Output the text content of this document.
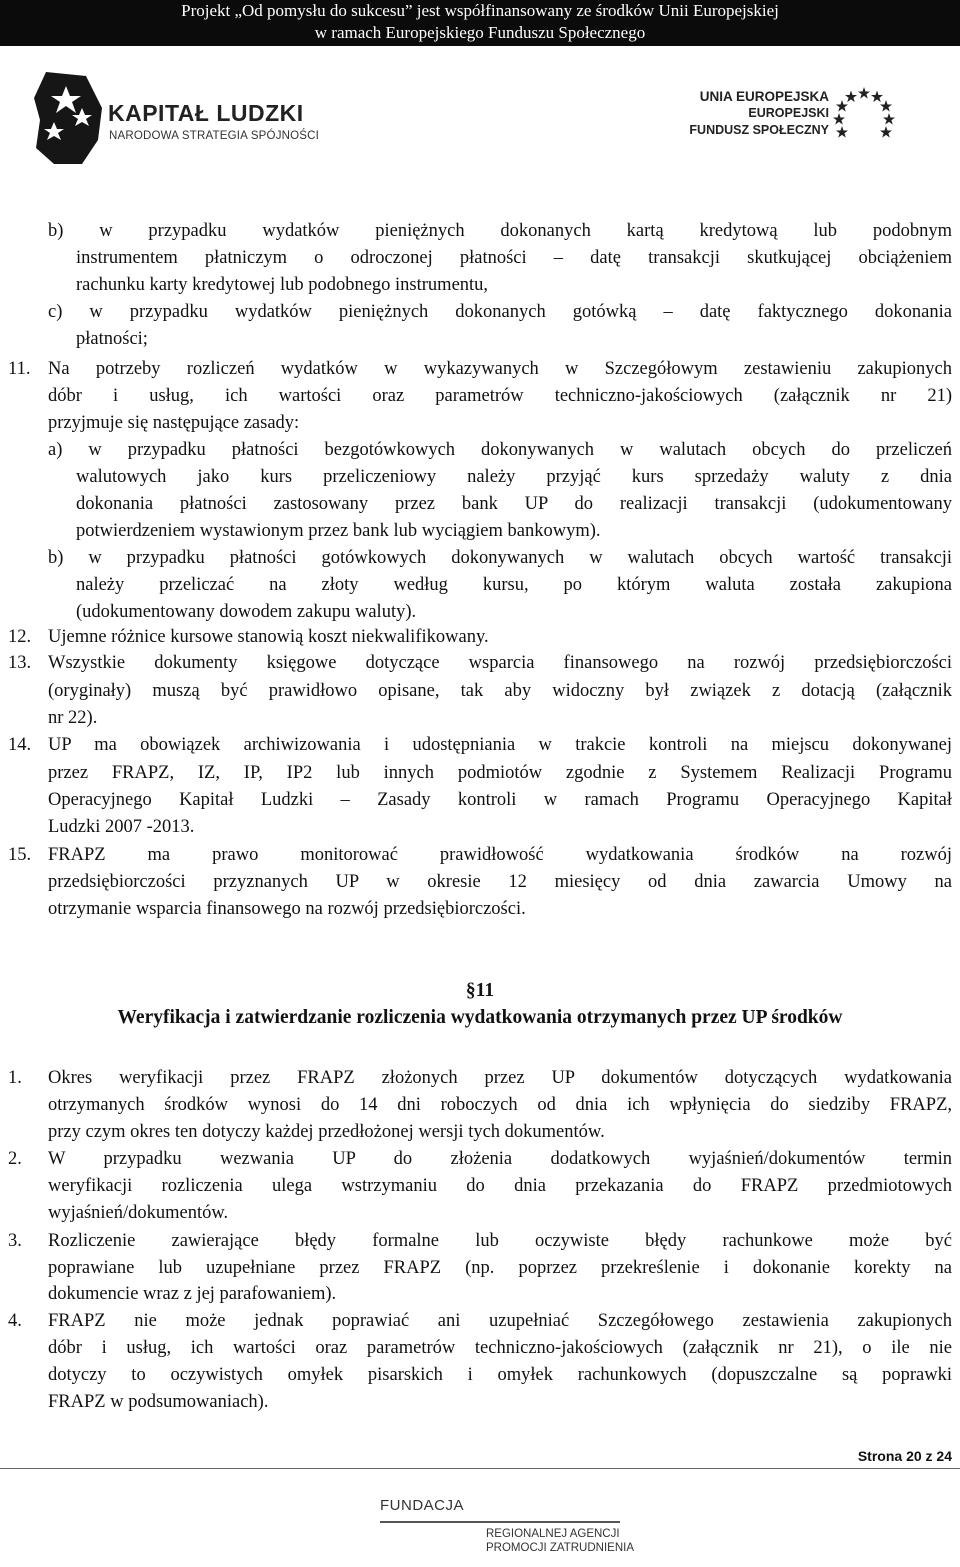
Projekt „Od pomysłu do sukcesu” jest współfinansowany ze środków Unii Europejskiej
w ramach Europejskiego Funduszu Społecznego
KAPITAŁ LUDZKI
NARODOWA STRATEGIA SPÓJNOŚCI
UNIA EUROPEJSKA
EUROPEJSKI
FUNDUSZ SPOŁECZNY
11.
12.
13.
14.
15.
b) w przypadku wydatków pieniężnych dokonanych kartą kredytową lub podobnym
instrumentem płatniczym o odroczonej płatności – datę transakcji skutkującej obciążeniem
rachunku karty kredytowej lub podobnego instrumentu,
c) w przypadku wydatków pieniężnych dokonanych gotówką – datę faktycznego dokonania
płatności;
Na potrzeby rozliczeń wydatków w wykazywanych w Szczegółowym zestawieniu zakupionych
dóbr i usług, ich wartości oraz parametrów techniczno-jakościowych (załącznik nr 21)
przyjmuje się następujące zasady:
a) w przypadku płatności bezgotówkowych dokonywanych w walutach obcych do przeliczeń
walutowych jako kurs przeliczeniowy należy przyjąć kurs sprzedaży waluty z dnia
dokonania płatności zastosowany przez bank UP do realizacji transakcji (udokumentowany
potwierdzeniem wystawionym przez bank lub wyciągiem bankowym).
b) w przypadku płatności gotówkowych dokonywanych w walutach obcych wartość transakcji
należy przeliczać na złoty według kursu, po którym waluta została zakupiona
(udokumentowany dowodem zakupu waluty).
Ujemne różnice kursowe stanowią koszt niekwalifikowany.
Wszystkie dokumenty księgowe dotyczące wsparcia finansowego na rozwój przedsiębiorczości
(oryginały) muszą być prawidłowo opisane, tak aby widoczny był związek z dotacją (załącznik
nr 22).
UP ma obowiązek archiwizowania i udostępniania w trakcie kontroli na miejscu dokonywanej
przez FRAPZ, IZ, IP, IP2 lub innych podmiotów zgodnie z Systemem Realizacji Programu
Operacyjnego Kapitał Ludzki – Zasady kontroli w ramach Programu Operacyjnego Kapitał
Ludzki 2007 -2013.
FRAPZ ma prawo monitorować prawidłowość wydatkowania środków na rozwój
przedsiębiorczości przyznanych UP w okresie 12 miesięcy od dnia zawarcia Umowy na
otrzymanie wsparcia finansowego na rozwój przedsiębiorczości.
§11
Weryfikacja i zatwierdzanie rozliczenia wydatkowania otrzymanych przez UP środków
1.
2.
3.
4.
Okres weryfikacji przez FRAPZ złożonych przez UP dokumentów dotyczących wydatkowania
otrzymanych środków wynosi do 14 dni roboczych od dnia ich wpłynięcia do siedziby FRAPZ,
przy czym okres ten dotyczy każdej przedłożonej wersji tych dokumentów.
W przypadku wezwania UP do złożenia dodatkowych wyjaśnień/dokumentów termin
weryfikacji rozliczenia ulega wstrzymaniu do dnia przekazania do FRAPZ przedmiotowych
wyjaśnień/dokumentów.
Rozliczenie zawierające błędy formalne lub oczywiste błędy rachunkowe może być
poprawiane lub uzupełniane przez FRAPZ (np. poprzez przekreślenie i dokonanie korekty na
dokumencie wraz z jej parafowaniem).
FRAPZ nie może jednak poprawiać ani uzupełniać Szczegółowego zestawienia zakupionych
dóbr i usług, ich wartości oraz parametrów techniczno-jakościowych (załącznik nr 21), o ile nie
dotyczy to oczywistych omyłek pisarskich i omyłek rachunkowych (dopuszczalne są poprawki
FRAPZ w podsumowaniach).
Strona 20 z 24
FUNDACJA
REGIONALNEJ AGENCJI
PROMOCJI ZATRUDNIENIA
